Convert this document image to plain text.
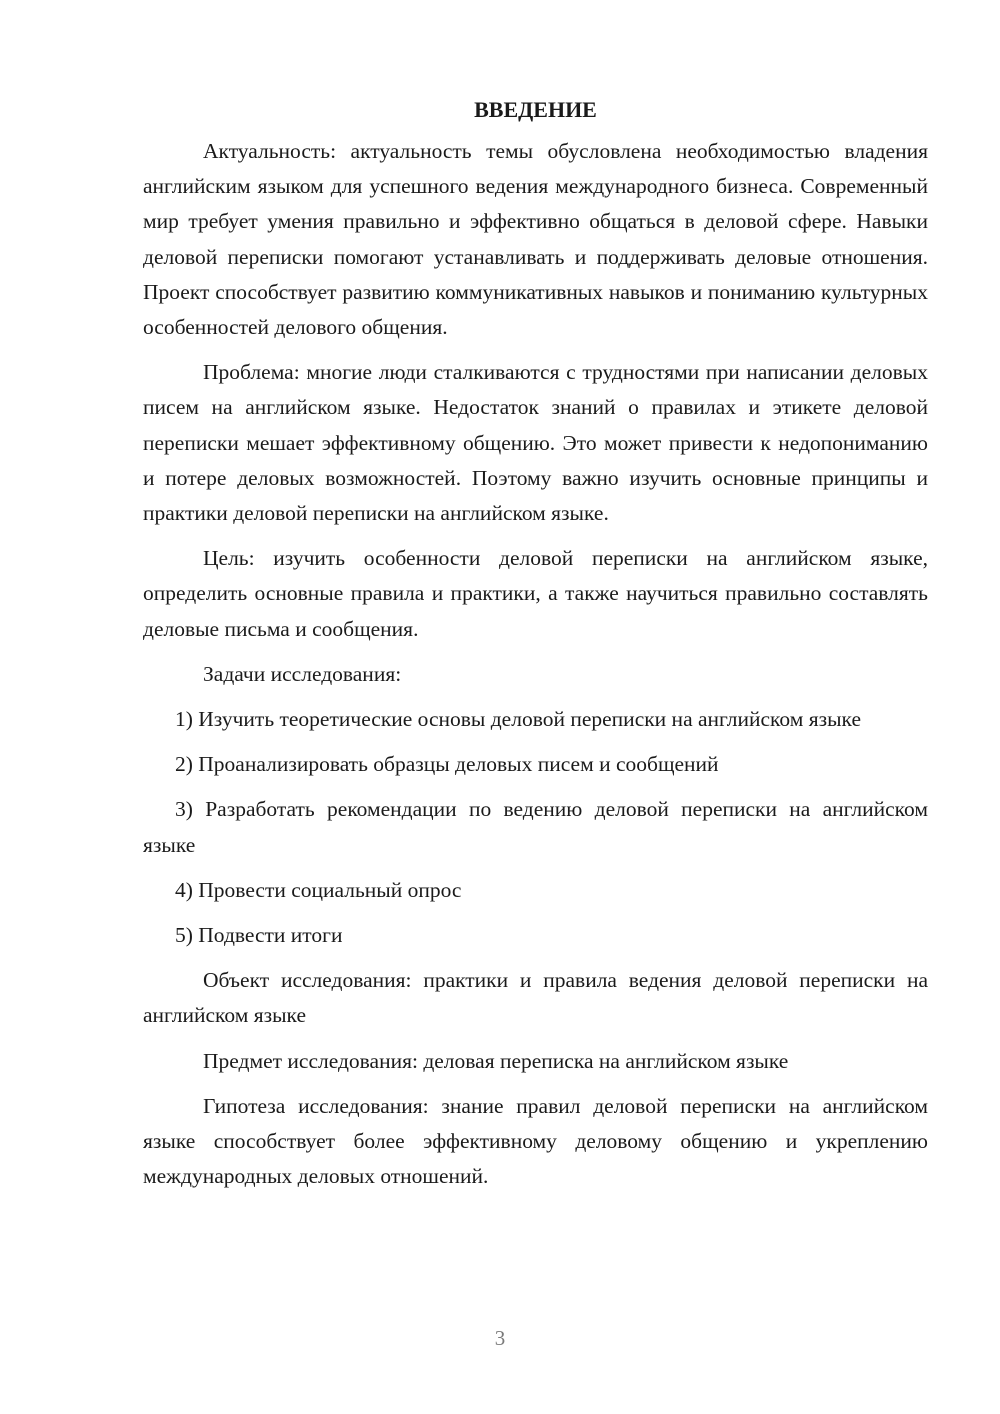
ВВЕДЕНИЕ

Актуальность: актуальность темы обусловлена необходимостью владения английским языком для успешного ведения международного бизнеса. Современный мир требует умения правильно и эффективно общаться в деловой сфере. Навыки деловой переписки помогают устанавливать и поддерживать деловые отношения. Проект способствует развитию коммуникативных навыков и пониманию культурных особенностей делового общения.

Проблема: многие люди сталкиваются с трудностями при написании деловых писем на английском языке. Недостаток знаний о правилах и этикете деловой переписки мешает эффективному общению. Это может привести к недопониманию и потере деловых возможностей. Поэтому важно изучить основные принципы и практики деловой переписки на английском языке.

Цель: изучить особенности деловой переписки на английском языке, определить основные правила и практики, а также научиться правильно составлять деловые письма и сообщения.

Задачи исследования:

1) Изучить теоретические основы деловой переписки на английском языке

2) Проанализировать образцы деловых писем и сообщений

3) Разработать рекомендации по ведению деловой переписки на английском языке

4) Провести социальный опрос

5) Подвести итоги

Объект исследования: практики и правила ведения деловой переписки на английском языке

Предмет исследования: деловая переписка на английском языке

Гипотеза исследования: знание правил деловой переписки на английском языке способствует более эффективному деловому общению и укреплению международных деловых отношений.

3
